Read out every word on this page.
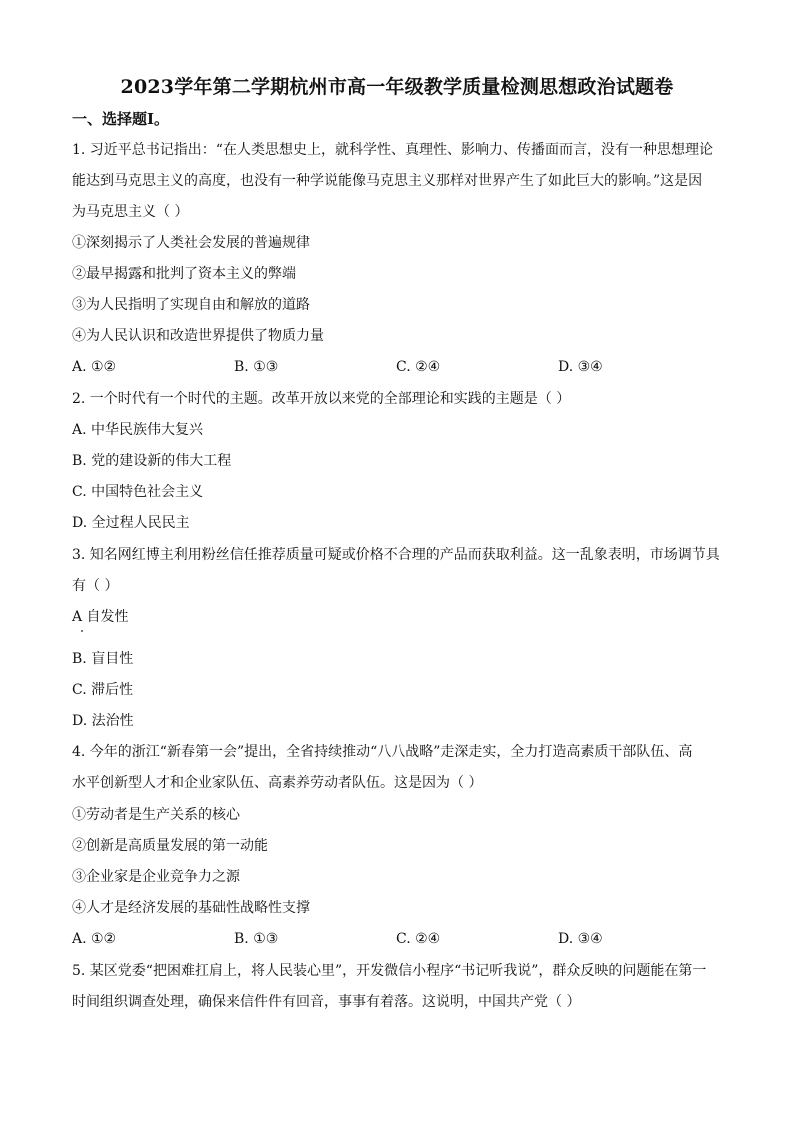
2023学年第二学期杭州市高一年级教学质量检测思想政治试题卷
一、选择题Ⅰ。
1. 习近平总书记指出：“在人类思想史上，就科学性、真理性、影响力、传播面而言，没有一种思想理论
能达到马克思主义的高度，也没有一种学说能像马克思主义那样对世界产生了如此巨大的影响。”这是因
为马克思主义（ ）
①深刻揭示了人类社会发展的普遍规律
②最早揭露和批判了资本主义的弊端
③为人民指明了实现自由和解放的道路
④为人民认识和改造世界提供了物质力量
A. ①②	B. ①③	C. ②④	D. ③④
2. 一个时代有一个时代的主题。改革开放以来党的全部理论和实践的主题是（ ）
A. 中华民族伟大复兴
B. 党的建设新的伟大工程
C. 中国特色社会主义
D. 全过程人民民主
3. 知名网红博主利用粉丝信任推荐质量可疑或价格不合理的产品而获取利益。这一乱象表明，市场调节具
有（ ）
A 自发性
B. 盲目性
C. 滞后性
D. 法治性
4. 今年的浙江“新春第一会”提出，全省持续推动“八八战略”走深走实，全力打造高素质干部队伍、高
水平创新型人才和企业家队伍、高素养劳动者队伍。这是因为（ ）
①劳动者是生产关系的核心
②创新是高质量发展的第一动能
③企业家是企业竞争力之源
④人才是经济发展的基础性战略性支撑
A. ①②	B. ①③	C. ②④	D. ③④
5. 某区党委“把困难扛肩上，将人民装心里”，开发微信小程序“书记听我说”，群众反映的问题能在第一
时间组织调查处理，确保来信件件有回音，事事有着落。这说明，中国共产党（ ）
